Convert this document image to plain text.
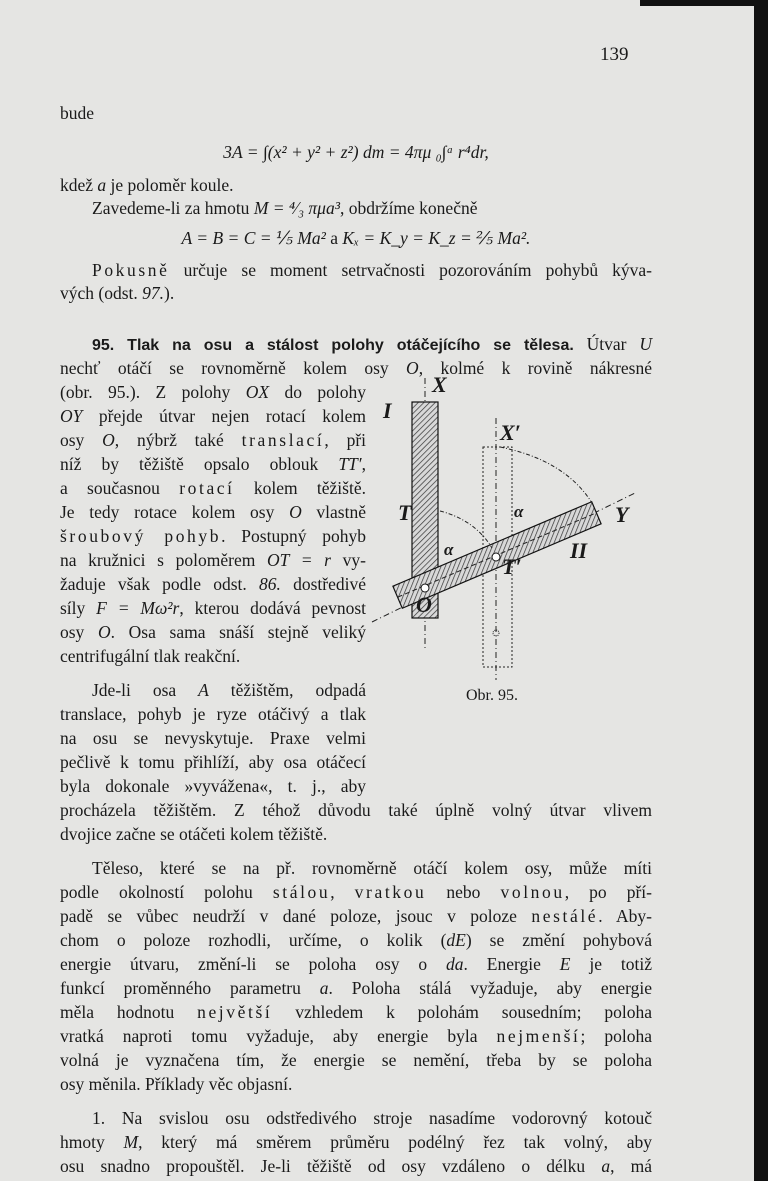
139
bude
3A = ∫(x² + y² + z²) dm = 4πμ ₀∫ᵃ r⁴dr,
kdež a je poloměr koule.
Zavedeme-li za hmotu M = ⁴⁄₃ πμa³, obdržíme konečně
A = B = C = ⅕ Ma² a Kₓ = K_y = K_z = ⅖ Ma².
Pokusně určuje se moment setrvačnosti pozorováním pohybů kýva-
vých (odst. 97.).
95. Tlak na osu a stálost polohy otáčejícího se tělesa. Útvar U
nechť otáčí se rovnoměrně kolem osy O, kolmé k rovině nákresné
(obr. 95.). Z polohy OX do polohy
OY přejde útvar nejen rotací kolem
osy O, nýbrž také translací, při
níž by těžiště opsalo oblouk TT′,
a současnou rotací kolem těžiště.
Je tedy rotace kolem osy O vlastně
šroubový pohyb. Postupný pohyb
na kružnici s poloměrem OT = r vy-
žaduje však podle odst. 86. dostředivé
síly F = Mω²r, kterou dodává pevnost
osy O. Osa sama snáší stejně veliký
centrifugální tlak reakční.
Jde-li osa A těžištěm, odpadá
translace, pohyb je ryze otáčivý a tlak
na osu se nevyskytuje. Praxe velmi
pečlivě k tomu přihlíží, aby osa otáčecí
byla dokonale »vyvážena«, t. j., aby
procházela těžištěm. Z téhož důvodu také úplně volný útvar vlivem
dvojice začne se otáčeti kolem těžiště.
Těleso, které se na př. rovnoměrně otáčí kolem osy, může míti
podle okolností polohu stálou, vratkou nebo volnou, po pří-
padě se vůbec neudrží v dané poloze, jsouc v poloze nestálé. Aby-
chom o poloze rozhodli, určíme, o kolik (dE) se změní pohybová
energie útvaru, změní-li se poloha osy o da. Energie E je totiž
funkcí proměnného parametru a. Poloha stálá vyžaduje, aby energie
měla hodnotu největší vzhledem k polohám sousedním; poloha
vratká naproti tomu vyžaduje, aby energie byla nejmenší; poloha
volná je vyznačena tím, že energie se nemění, třeba by se poloha
osy měnila. Příklady věc objasní.
1. Na svislou osu odstředivého stroje nasadíme vodorovný kotouč
hmoty M, který má směrem průměru podélný řez tak volný, aby
osu snadno propouštěl. Je-li těžiště od osy vzdáleno o délku a, má
X
I
X′
Y
T
II
T′
O
α
α
Obr. 95.
